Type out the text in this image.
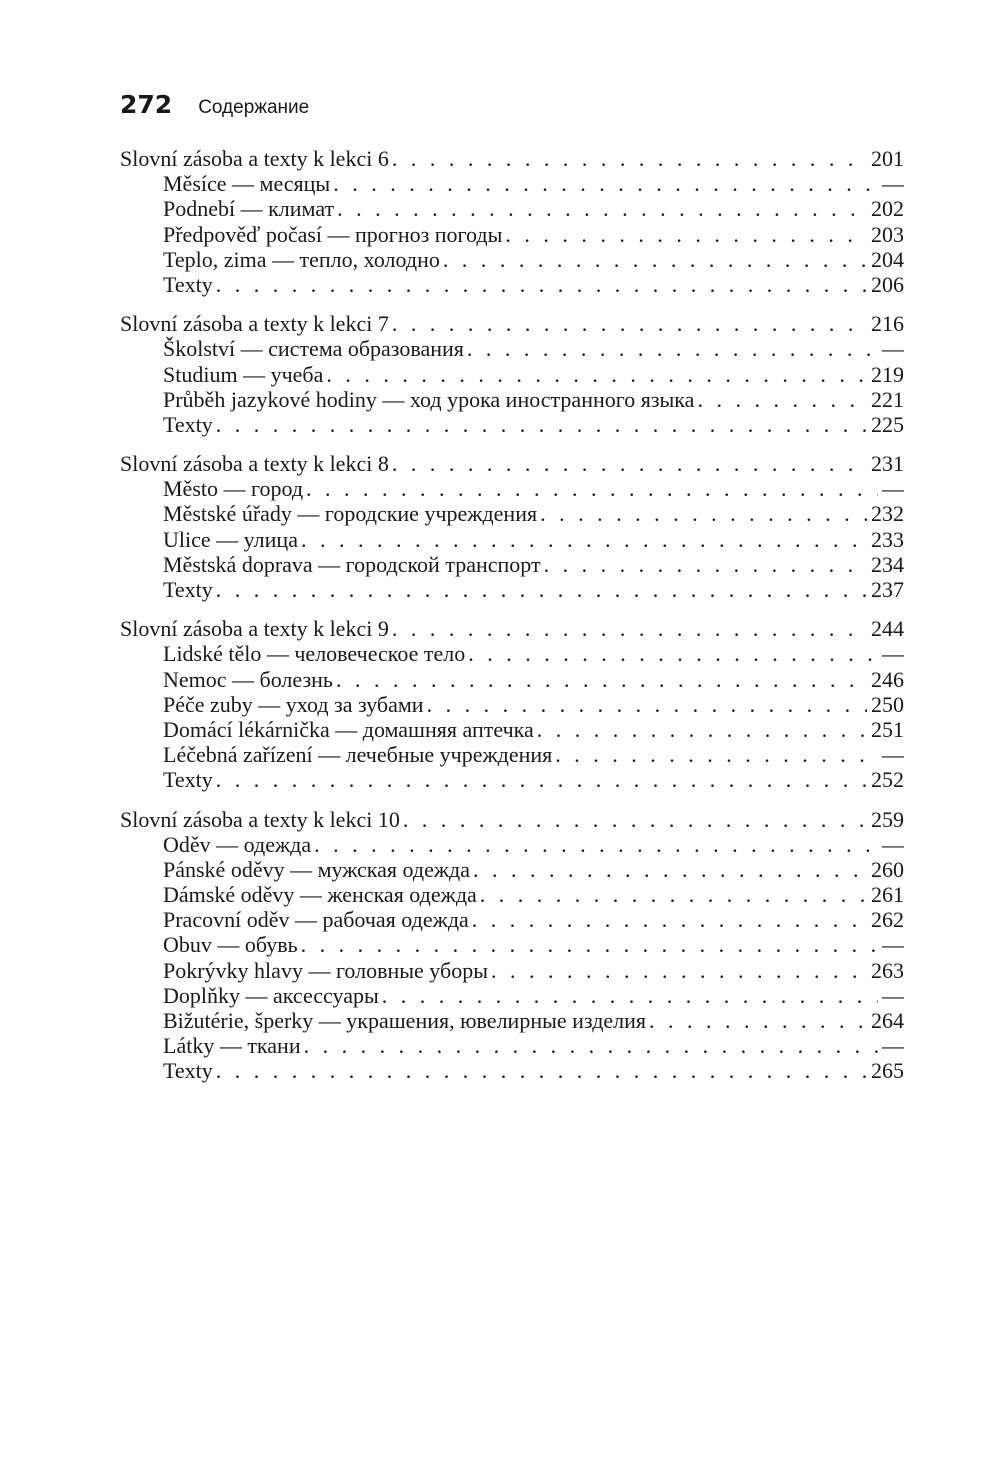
272 Содержание
Slovní zásoba a texty k lekci 6 . . .	201
Měsíce — месяцы . . .	—
Podnebí — климат . . .	202
Předpověď počasí — прогноз погоды . . .	203
Teplo, zima — тепло, холодно . . .	204
Texty . . .	206
Slovní zásoba a texty k lekci 7 . . .	216
Školství — система образования . . .	—
Studium — учеба . . .	219
Průběh jazykové hodiny — ход урока иностранного языка . . .	221
Texty . . .	225
Slovní zásoba a texty k lekci 8 . . .	231
Město — город . . .	—
Městské úřady — городские учреждения . . .	232
Ulice — улица . . .	233
Městská doprava — городской транспорт . . .	234
Texty . . .	237
Slovní zásoba a texty k lekci 9 . . .	244
Lidské tělo — человеческое тело . . .	—
Nemoc — болезнь . . .	246
Péče zuby — уход за зубами . . .	250
Domácí lékárnička — домашняя аптечка . . .	251
Léčebná zařízení — лечебные учреждения . . .	—
Texty . . .	252
Slovní zásoba a texty k lekci 10 . . .	259
Oděv — одежда . . .	—
Pánské oděvy — мужская одежда . . .	260
Dámské oděvy — женская одежда . . .	261
Pracovní oděv — рабочая одежда . . .	262
Obuv — обувь . . .	—
Pokrývky hlavy — головные уборы . . .	263
Doplňky — аксессуары . . .	—
Bižutérie, šperky — украшения, ювелирные изделия . . .	264
Látky — ткани . . .	—
Texty . . .	265
